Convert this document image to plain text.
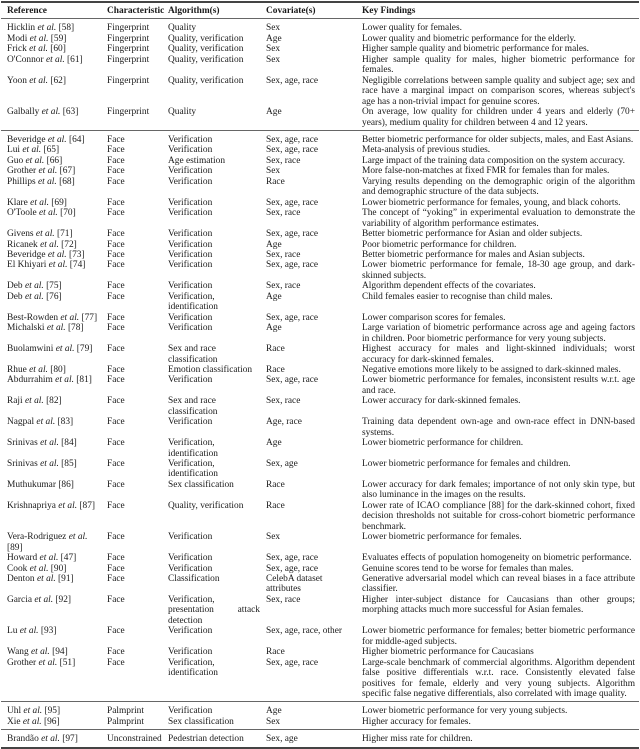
Reference	Characteristic	Algorithm(s)	Covariate(s)	Key Findings
Hicklin et al. [58]	Fingerprint	Quality	Sex	Lower quality for females.
Modi et al. [59]	Fingerprint	Quality, verification	Age	Lower quality and biometric performance for the elderly.
Frick et al. [60]	Fingerprint	Quality, verification	Sex	Higher sample quality and biometric performance for males.
O'Connor et al. [61]	Fingerprint	Quality, verification	Sex	Higher sample quality for males, higher biometric performance for females.
Yoon et al. [62]	Fingerprint	Quality, verification	Sex, age, race	Negligible correlations between sample quality and subject age; sex and race have a marginal impact on comparison scores, whereas subject's age has a non-trivial impact for genuine scores.
Galbally et al. [63]	Fingerprint	Quality	Age	On average, low quality for children under 4 years and elderly (70+ years), medium quality for children between 4 and 12 years.
Beveridge et al. [64]	Face	Verification	Sex, age, race	Better biometric performance for older subjects, males, and East Asians.
Lui et al. [65]	Face	Verification	Sex, age, race	Meta-analysis of previous studies.
Guo et al. [66]	Face	Age estimation	Sex, race	Large impact of the training data composition on the system accuracy.
Grother et al. [67]	Face	Verification	Sex	More false-non-matches at fixed FMR for females than for males.
Phillips et al. [68]	Face	Verification	Race	Varying results depending on the demographic origin of the algorithm and demographic structure of the data subjects.
Klare et al. [69]	Face	Verification	Sex, age, race	Lower biometric performance for females, young, and black cohorts.
O'Toole et al. [70]	Face	Verification	Sex, race	The concept of “yoking” in experimental evaluation to demonstrate the variability of algorithm performance estimates.
Givens et al. [71]	Face	Verification	Sex, age, race	Better biometric performance for Asian and older subjects.
Ricanek et al. [72]	Face	Verification	Age	Poor biometric performance for children.
Beveridge et al. [73]	Face	Verification	Sex, race	Better biometric performance for males and Asian subjects.
El Khiyari et al. [74]	Face	Verification	Sex, age, race	Lower biometric performance for female, 18-30 age group, and dark-skinned subjects.
Deb et al. [75]	Face	Verification	Sex, race	Algorithm dependent effects of the covariates.
Deb et al. [76]	Face	Verification, identification	Age	Child females easier to recognise than child males.
Best-Rowden et al. [77]	Face	Verification	Sex, age, race	Lower comparison scores for females.
Michalski et al. [78]	Face	Verification	Age	Large variation of biometric performance across age and ageing factors in children. Poor biometric performance for very young subjects.
Buolamwini et al. [79]	Face	Sex and race classification	Race	Highest accuracy for males and light-skinned individuals; worst accuracy for dark-skinned females.
Rhue et al. [80]	Face	Emotion classification	Race	Negative emotions more likely to be assigned to dark-skinned males.
Abdurrahim et al. [81]	Face	Verification	Sex, age, race	Lower biometric performance for females, inconsistent results w.r.t. age and race.
Raji et al. [82]	Face	Sex and race classification	Sex, race	Lower accuracy for dark-skinned females.
Nagpal et al. [83]	Face	Verification	Age, race	Training data dependent own-age and own-race effect in DNN-based systems.
Srinivas et al. [84]	Face	Verification, identification	Age	Lower biometric performance for children.
Srinivas et al. [85]	Face	Verification, identification	Sex, age	Lower biometric performance for females and children.
Muthukumar [86]	Face	Sex classification	Race	Lower accuracy for dark females; importance of not only skin type, but also luminance in the images on the results.
Krishnapriya et al. [87]	Face	Quality, verification	Race	Lower rate of ICAO compliance [88] for the dark-skinned cohort, fixed decision thresholds not suitable for cross-cohort biometric performance benchmark.
Vera-Rodriguez et al. [89]	Face	Verification	Sex	Lower biometric performance for females.
Howard et al. [47]	Face	Verification	Sex, age, race	Evaluates effects of population homogeneity on biometric performance.
Cook et al. [90]	Face	Verification	Sex, age, race	Genuine scores tend to be worse for females than males.
Denton et al. [91]	Face	Classification	CelebA dataset attributes	Generative adversarial model which can reveal biases in a face attribute classifier.
Garcia et al. [92]	Face	Verification, presentation attack detection	Sex, race	Higher inter-subject distance for Caucasians than other groups; morphing attacks much more successful for Asian females.
Lu et al. [93]	Face	Verification	Sex, age, race, other	Lower biometric performance for females; better biometric performance for middle-aged subjects.
Wang et al. [94]	Face	Verification	Race	Higher biometric performance for Caucasians
Grother et al. [51]	Face	Verification, identification	Sex, age, race	Large-scale benchmark of commercial algorithms. Algorithm dependent false positive differentials w.r.t. race. Consistently elevated false positives for female, elderly and very young subjects. Algorithm specific false negative differentials, also correlated with image quality.
Uhl et al. [95]	Palmprint	Verification	Age	Lower biometric performance for very young subjects.
Xie et al. [96]	Palmprint	Sex classification	Sex	Higher accuracy for females.
Brandão et al. [97]	Unconstrained	Pedestrian detection	Sex, age	Higher miss rate for children.
